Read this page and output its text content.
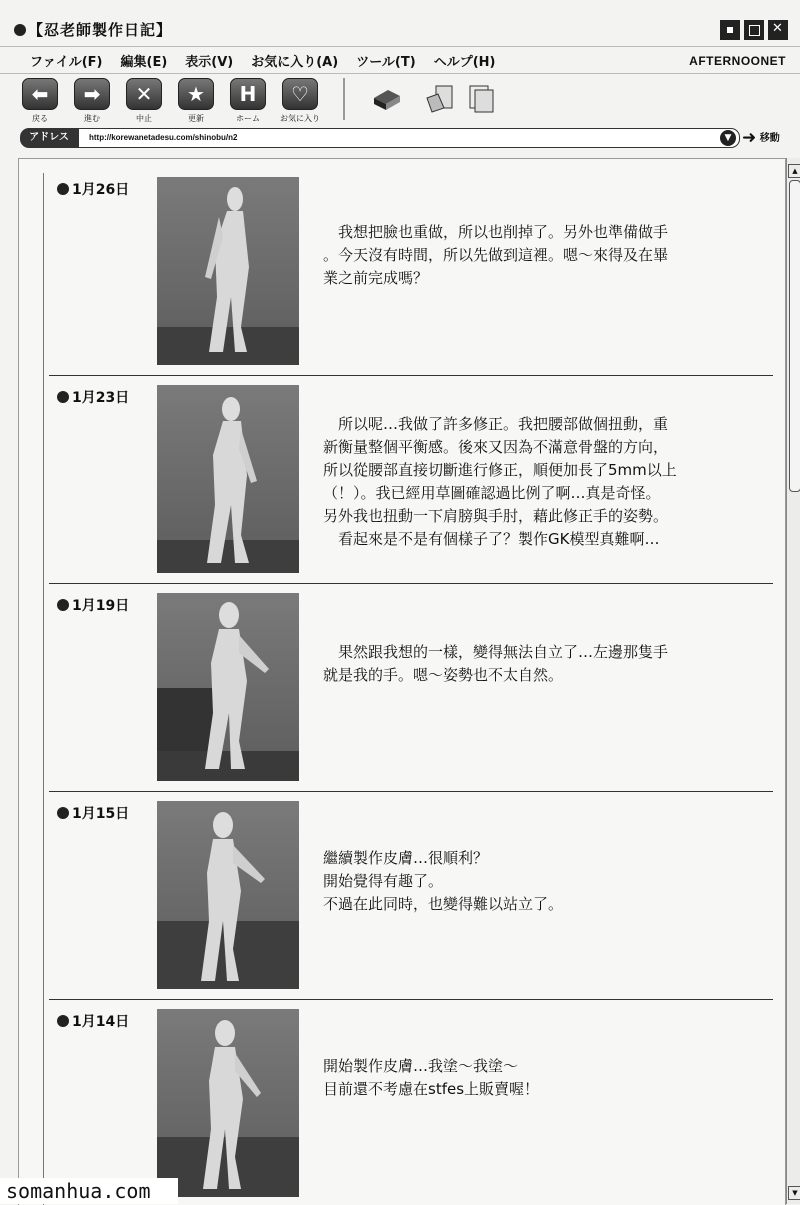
【忍老師製作日記】
✕
ファイル(F) 編集(E) 表示(V) お気に入り(A) ツール(T) ヘルプ(H)	AFTERNOONET
⬅
戻る
➡
進む
✕
中止
★
更新
H
ホーム
♡
お気に入り
アドレス	http://korewanetadesu.com/shinobu/n2	▼ ➜ 移動
1月26日

我想把臉也重做，所以也削掉了。另外也準備做手

。今天沒有時間，所以先做到這裡。嗯～來得及在畢

業之前完成嗎？

1月23日

所以呢…我做了許多修正。我把腰部做個扭動，重

新衡量整個平衡感。後來又因為不滿意骨盤的方向，

所以從腰部直接切斷進行修正，順便加長了5mm以上

（！）。我已經用草圖確認過比例了啊…真是奇怪。

另外我也扭動一下肩膀與手肘，藉此修正手的姿勢。

看起來是不是有個樣子了？製作GK模型真難啊…

1月19日

果然跟我想的一樣，變得無法自立了…左邊那隻手

就是我的手。嗯～姿勢也不太自然。

1月15日

繼續製作皮膚…很順利？

開始覺得有趣了。

不過在此同時，也變得難以站立了。

1月14日

開始製作皮膚…我塗～我塗～

目前還不考慮在stfes上販賣喔！

▲
▼
somanhua.com
